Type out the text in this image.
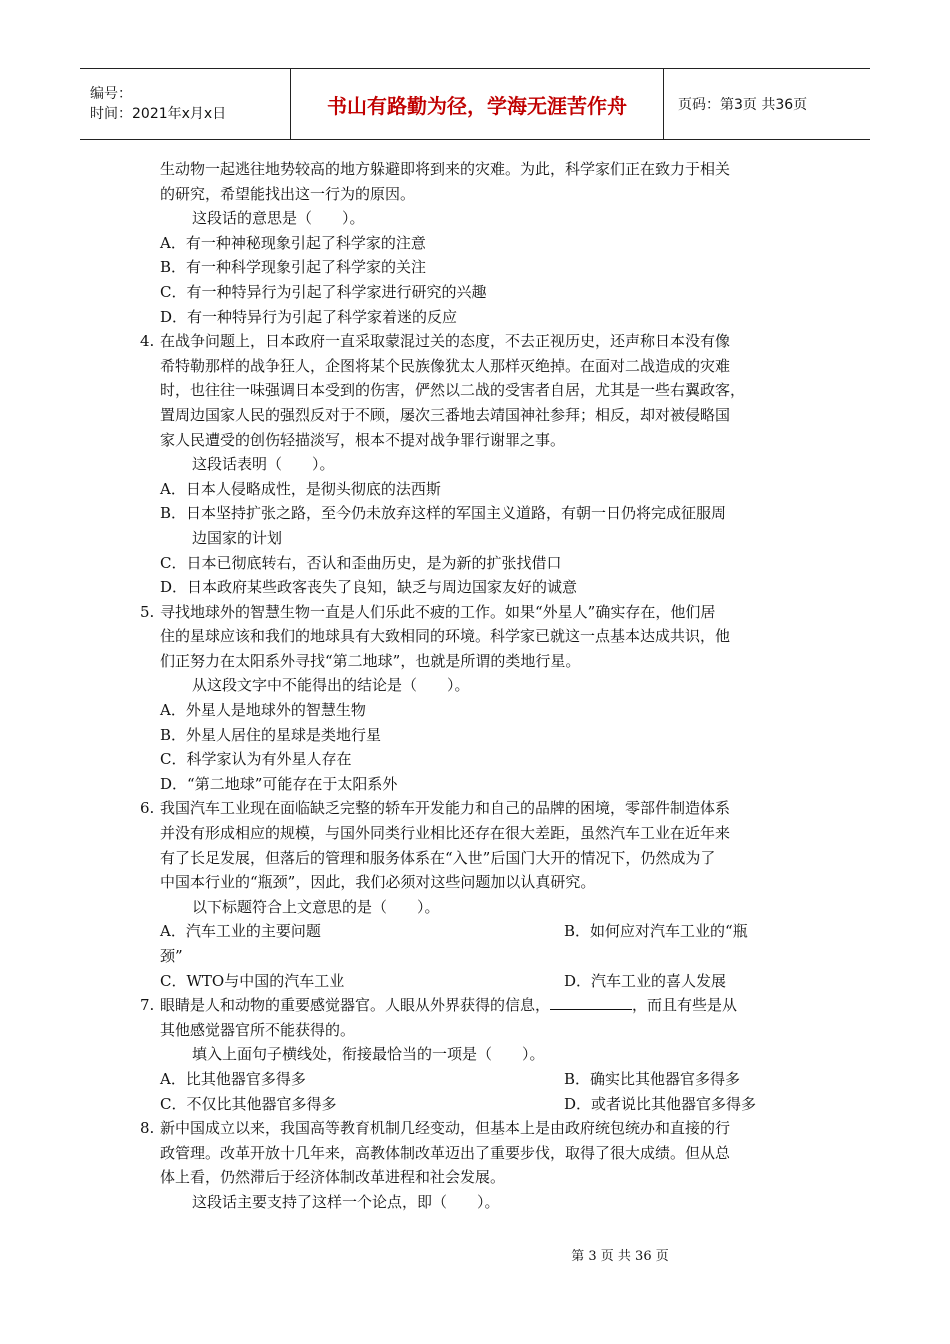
编号：
时间：2021年x月x日	书山有路勤为径，学海无涯苦作舟	页码：第3页 共36页
生动物一起逃往地势较高的地方躲避即将到来的灾难。为此，科学家们正在致力于相关
的研究，希望能找出这一行为的原因。
这段话的意思是（　　）。
A．有一种神秘现象引起了科学家的注意
B．有一种科学现象引起了科学家的关注
C．有一种特异行为引起了科学家进行研究的兴趣
D．有一种特异行为引起了科学家着迷的反应
4. 在战争问题上，日本政府一直采取蒙混过关的态度，不去正视历史，还声称日本没有像
希特勒那样的战争狂人，企图将某个民族像犹太人那样灭绝掉。在面对二战造成的灾难
时，也往往一味强调日本受到的伤害，俨然以二战的受害者自居，尤其是一些右翼政客，
置周边国家人民的强烈反对于不顾，屡次三番地去靖国神社参拜；相反，却对被侵略国
家人民遭受的创伤轻描淡写，根本不提对战争罪行谢罪之事。
这段话表明（　　）。
A．日本人侵略成性，是彻头彻底的法西斯
B．日本坚持扩张之路，至今仍未放弃这样的军国主义道路，有朝一日仍将完成征服周
边国家的计划
C．日本已彻底转右，否认和歪曲历史，是为新的扩张找借口
D．日本政府某些政客丧失了良知，缺乏与周边国家友好的诚意
5. 寻找地球外的智慧生物一直是人们乐此不疲的工作。如果“外星人”确实存在，他们居
住的星球应该和我们的地球具有大致相同的环境。科学家已就这一点基本达成共识，他
们正努力在太阳系外寻找“第二地球”，也就是所谓的类地行星。
从这段文字中不能得出的结论是（　　）。
A．外星人是地球外的智慧生物
B．外星人居住的星球是类地行星
C．科学家认为有外星人存在
D．“第二地球”可能存在于太阳系外
6. 我国汽车工业现在面临缺乏完整的轿车开发能力和自己的品牌的困境，零部件制造体系
并没有形成相应的规模，与国外同类行业相比还存在很大差距，虽然汽车工业在近年来
有了长足发展，但落后的管理和服务体系在“入世”后国门大开的情况下，仍然成为了
中国本行业的“瓶颈”，因此，我们必须对这些问题加以认真研究。
以下标题符合上文意思的是（　　）。
A．汽车工业的主要问题	B．如何应对汽车工业的“瓶
颈”
C．WTO与中国的汽车工业	D．汽车工业的喜人发展
7. 眼睛是人和动物的重要感觉器官。人眼从外界获得的信息，	，而且有些是从
其他感觉器官所不能获得的。
填入上面句子横线处，衔接最恰当的一项是（　　）。
A．比其他器官多得多	B．确实比其他器官多得多
C．不仅比其他器官多得多	D．或者说比其他器官多得多
8. 新中国成立以来，我国高等教育机制几经变动，但基本上是由政府统包统办和直接的行
政管理。改革开放十几年来，高教体制改革迈出了重要步伐，取得了很大成绩。但从总
体上看，仍然滞后于经济体制改革进程和社会发展。
这段话主要支持了这样一个论点，即（　　）。
第 3 页 共 36 页
